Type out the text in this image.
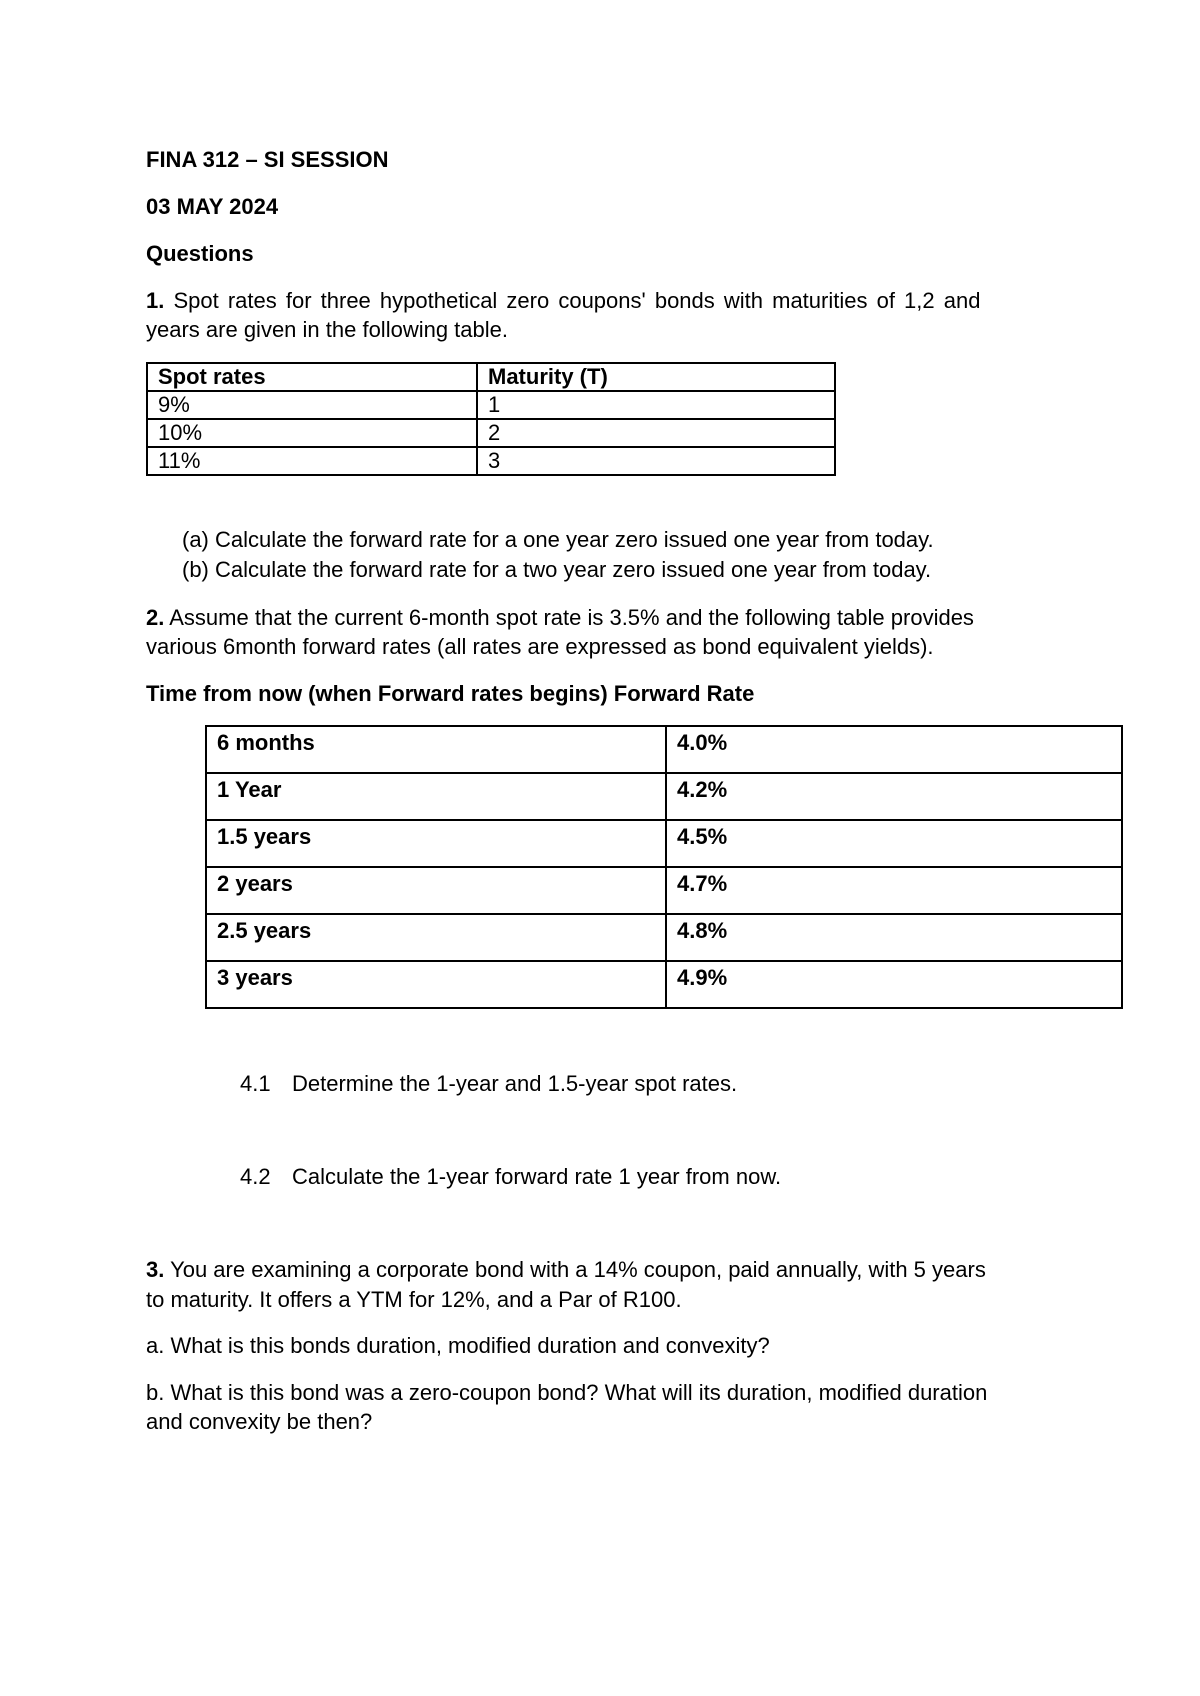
FINA 312 – SI SESSION
03 MAY 2024
Questions
1. Spot rates for three hypothetical zero coupons' bonds with maturities of 1,2 and
years are given in the following table.
Spot rates	Maturity (T)
9%	1
10%	2
11%	3
(a) Calculate the forward rate for a one year zero issued one year from today.
(b) Calculate the forward rate for a two year zero issued one year from today.
2. Assume that the current 6-month spot rate is 3.5% and the following table provides
various 6month forward rates (all rates are expressed as bond equivalent yields).
Time from now (when Forward rates begins) Forward Rate
6 months	4.0%
1 Year	4.2%
1.5 years	4.5%
2 years	4.7%
2.5 years	4.8%
3 years	4.9%
4.1 Determine the 1-year and 1.5-year spot rates.
4.2 Calculate the 1-year forward rate 1 year from now.
3. You are examining a corporate bond with a 14% coupon, paid annually, with 5 years
to maturity. It offers a YTM for 12%, and a Par of R100.
a. What is this bonds duration, modified duration and convexity?
b. What is this bond was a zero-coupon bond? What will its duration, modified duration
and convexity be then?
